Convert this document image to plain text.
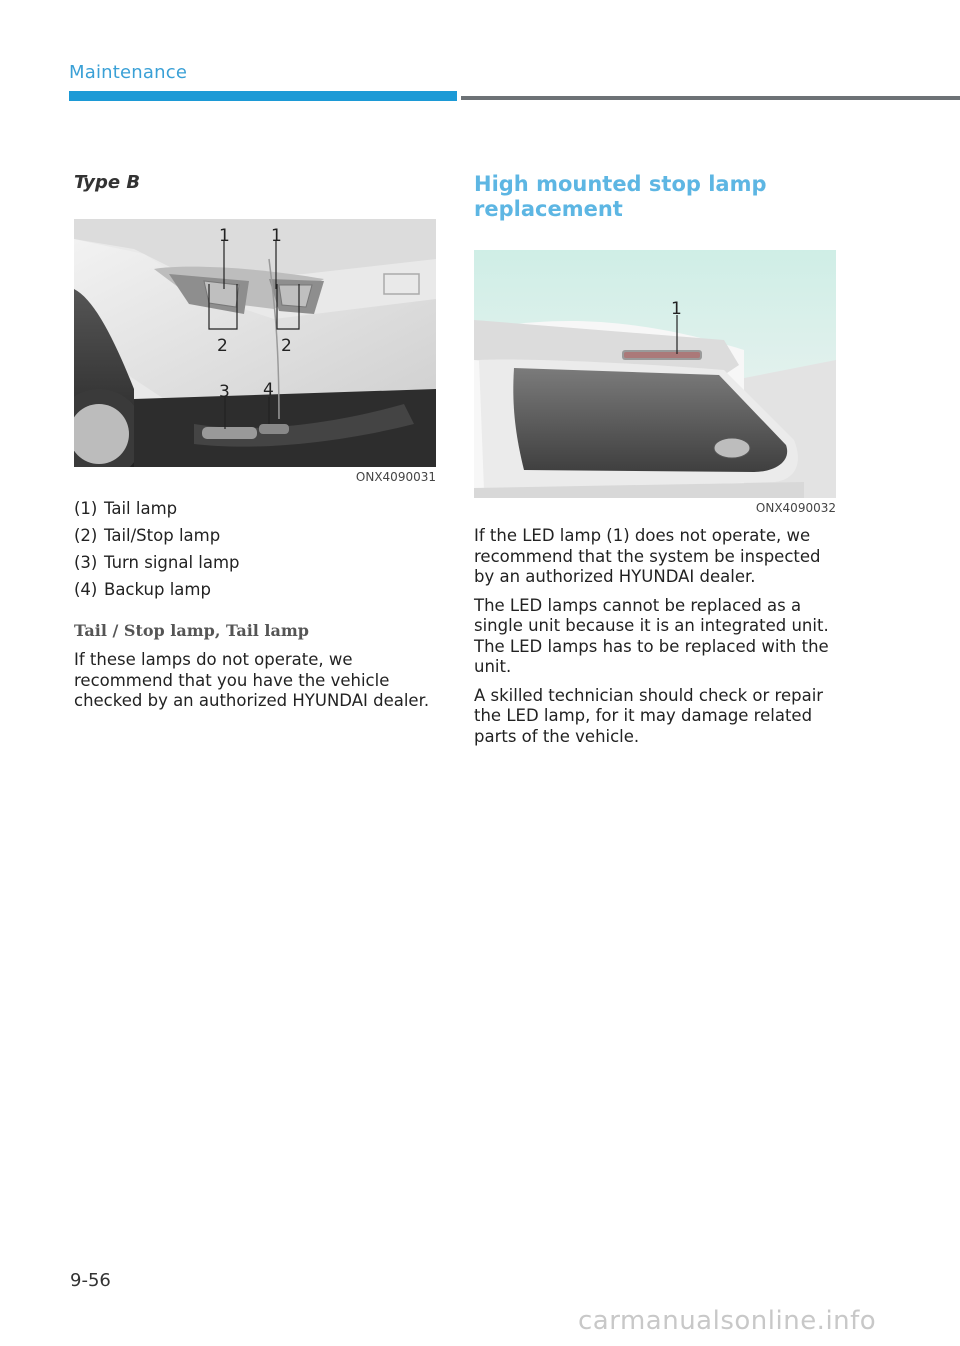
Maintenance
Type B
1 1
2	2
3 4
ONX4090031
(1) Tail lamp
(2) Tail/Stop lamp
(3) Turn signal lamp
(4) Backup lamp
Tail / Stop lamp, Tail lamp

If these lamps do not operate, we recommend that you have the vehicle checked by an authorized HYUNDAI dealer.

High mounted stop lamp replacement
1
ONX4090032

If the LED lamp (1) does not operate, we recommend that the system be inspected by an authorized HYUNDAI dealer.

The LED lamps cannot be replaced as a single unit because it is an integrated unit. The LED lamps has to be replaced with the unit.

A skilled technician should check or repair the LED lamp, for it may damage related parts of the vehicle.

9-56
carmanualsonline.info
